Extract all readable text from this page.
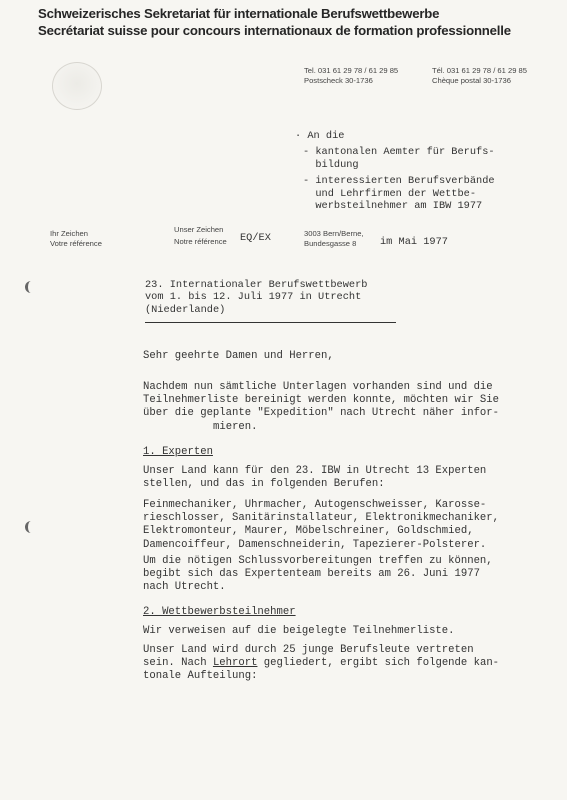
Schweizerisches Sekretariat für internationale Berufswettbewerbe
Secrétariat suisse pour concours internationaux de formation professionnelle
Tel. 031 61 29 78 / 61 29 85
Postscheck 30-1736
Tél. 031 61 29 78 / 61 29 85
Chèque postal 30-1736
· An die
- kantonalen Aemter für Berufs-
bildung
- interessierten Berufsverbände
und Lehrfirmen der Wettbe-
werbsteilnehmer am IBW 1977
Ihr Zeichen
Votre référence
Unser Zeichen
Notre référence EQ/EX	3003 Bern/Berne,
Bundesgasse 8	im Mai 1977
23. Internationaler Berufswettbewerb
vom 1. bis 12. Juli 1977 in Utrecht
(Niederlande)
Sehr geehrte Damen und Herren,
Nachdem nun sämtliche Unterlagen vorhanden sind und die
Teilnehmerliste bereinigt werden konnte, möchten wir Sie
über die geplante "Expedition" nach Utrecht näher infor-
mieren.
1. Experten
Unser Land kann für den 23. IBW in Utrecht 13 Experten
stellen, und das in folgenden Berufen:
Feinmechaniker, Uhrmacher, Autogenschweisser, Karosse-
rieschlosser, Sanitärinstallateur, Elektronikmechaniker,
Elektromonteur, Maurer, Möbelschreiner, Goldschmied,
Damencoiffeur, Damenschneiderin, Tapezierer-Polsterer.
Um die nötigen Schlussvorbereitungen treffen zu können,
begibt sich das Expertenteam bereits am 26. Juni 1977
nach Utrecht.
2. Wettbewerbsteilnehmer
Wir verweisen auf die beigelegte Teilnehmerliste.
Unser Land wird durch 25 junge Berufsleute vertreten
sein. Nach Lehrort gegliedert, ergibt sich folgende kan-
tonale Aufteilung:
